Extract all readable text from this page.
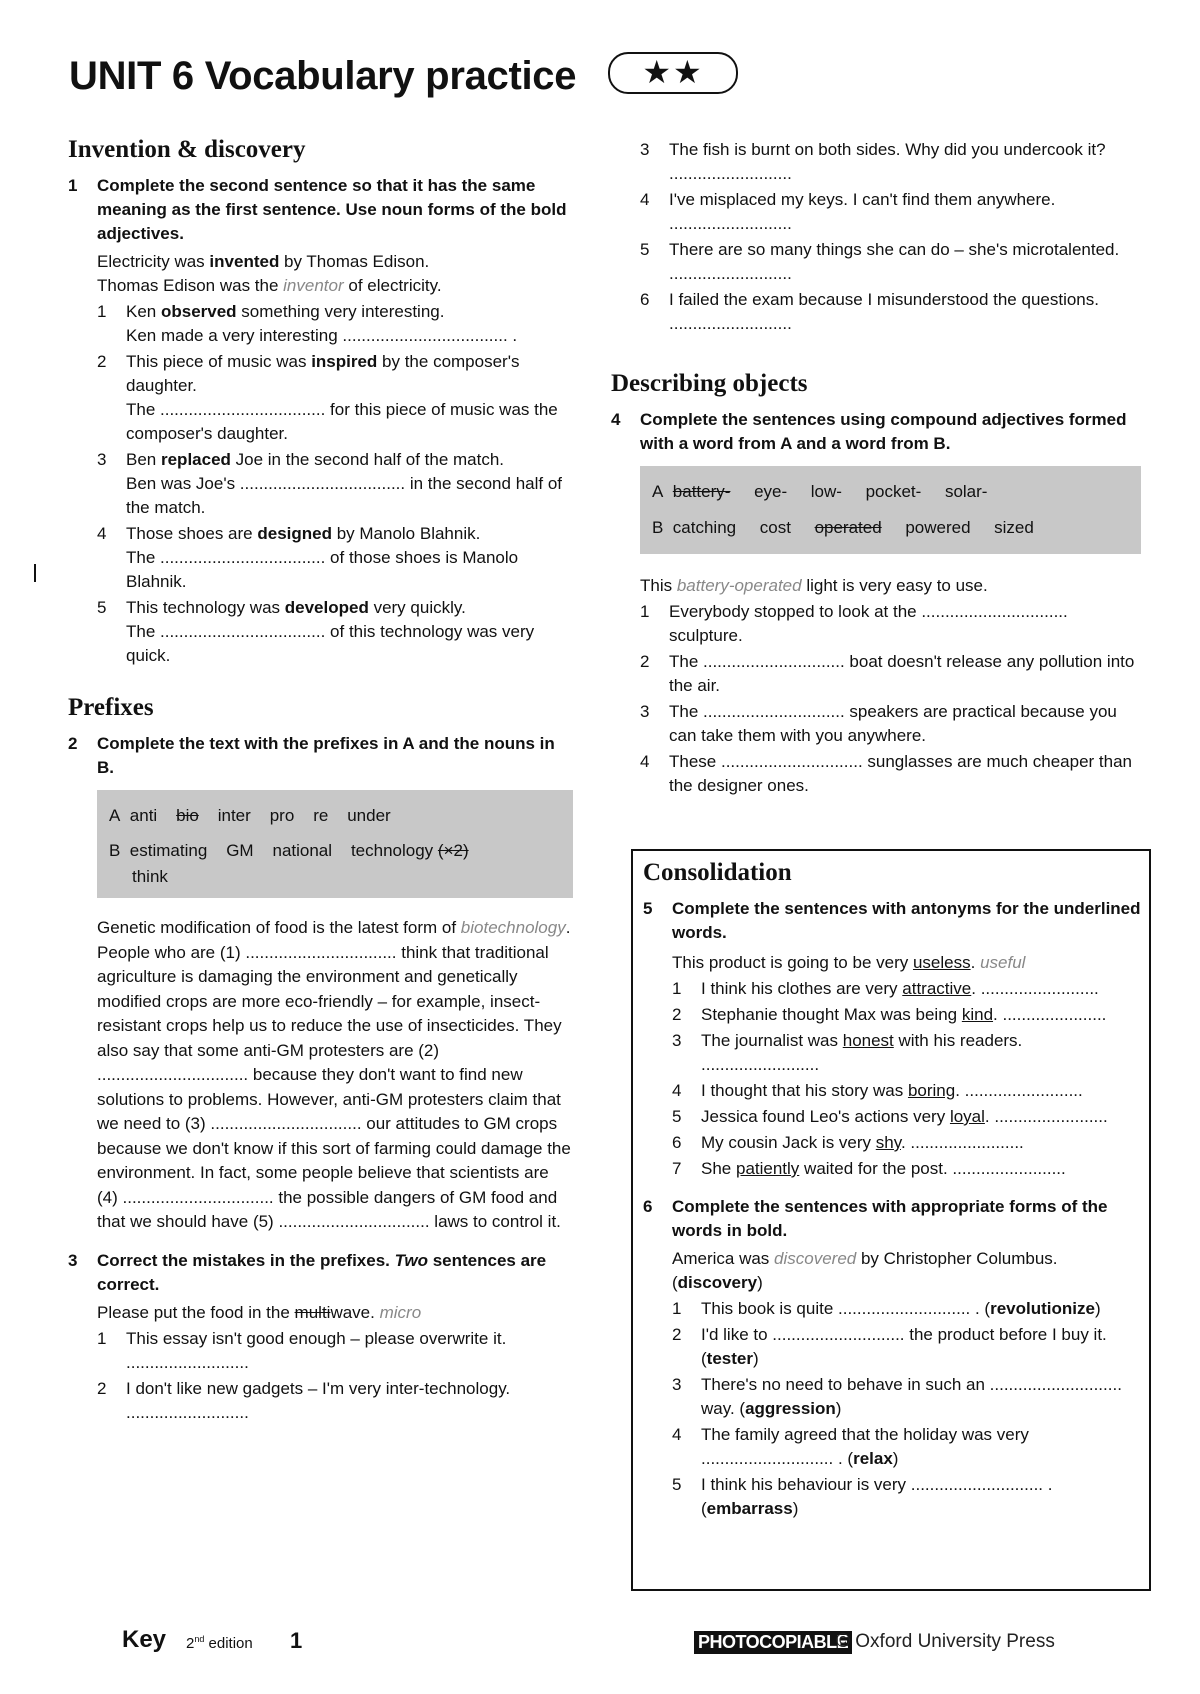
UNIT 6 Vocabulary practice	★★
Invention & discovery
1	Complete the second sentence so that it has the same meaning as the first sentence. Use noun forms of the bold adjectives.
Electricity was invented by Thomas Edison.
Thomas Edison was the inventor of electricity.
1	Ken observed something very interesting.
Ken made a very interesting ................................... .
2	This piece of music was inspired by the composer's daughter.
The ................................... for this piece of music was the composer's daughter.
3	Ben replaced Joe in the second half of the match.
Ben was Joe's ................................... in the second half of the match.
4	Those shoes are designed by Manolo Blahnik.
The ................................... of those shoes is Manolo Blahnik.
5	This technology was developed very quickly.
The ................................... of this technology was very quick.
Prefixes
2	Complete the text with the prefixes in A and the nouns in B.
A anti bio inter pro re under
B estimating GM national technology (×2)
think
Genetic modification of food is the latest form of biotechnology. People who are (1) ................................ think that traditional agriculture is damaging the environment and genetically modified crops are more eco-friendly – for example, insect-resistant crops help us to reduce the use of insecticides. They also say that some anti-GM protesters are (2) ................................ because they don't want to find new solutions to problems. However, anti-GM protesters claim that we need to (3) ................................ our attitudes to GM crops because we don't know if this sort of farming could damage the environment. In fact, some people believe that scientists are (4) ................................ the possible dangers of GM food and that we should have (5) ................................ laws to control it.
3	Correct the mistakes in the prefixes. Two sentences are correct.
Please put the food in the multiwave. micro
1	This essay isn't good enough – please overwrite it. ..........................
2	I don't like new gadgets – I'm very inter-technology. ..........................
3	The fish is burnt on both sides. Why did you undercook it? ..........................
4	I've misplaced my keys. I can't find them anywhere. ..........................
5	There are so many things she can do – she's microtalented. ..........................
6	I failed the exam because I misunderstood the questions. ..........................
Describing objects
4	Complete the sentences using compound adjectives formed with a word from A and a word from B.
A battery- eye- low- pocket- solar-
B catching cost operated powered sized
This battery-operated light is very easy to use.
1	Everybody stopped to look at the ............................... sculpture.
2	The .............................. boat doesn't release any pollution into the air.
3	The .............................. speakers are practical because you can take them with you anywhere.
4	These .............................. sunglasses are much cheaper than the designer ones.
Consolidation
5	Complete the sentences with antonyms for the underlined words.
This product is going to be very useless. useful
1	I think his clothes are very attractive. .........................
2	Stephanie thought Max was being kind. ......................
3	The journalist was honest with his readers. .........................
4	I thought that his story was boring. .........................
5	Jessica found Leo's actions very loyal. ........................
6	My cousin Jack is very shy. ........................
7	She patiently waited for the post. ........................
6	Complete the sentences with appropriate forms of the words in bold.
America was discovered by Christopher Columbus. (discovery)
1	This book is quite ............................ . (revolutionize)
2	I'd like to ............................ the product before I buy it. (tester)
3	There's no need to behave in such an ............................ way. (aggression)
4	The family agreed that the holiday was very ............................ . (relax)
5	I think his behaviour is very ............................ . (embarrass)
Key 2nd edition 1	PHOTOCOPIABLE
© Oxford University Press
